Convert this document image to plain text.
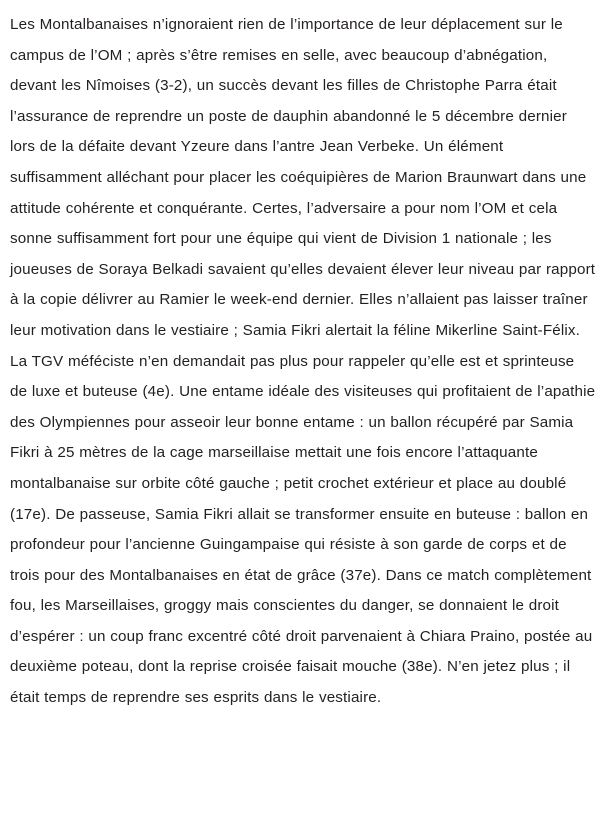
Les Montalbanaises n’ignoraient rien de l’importance de leur déplacement sur le campus de l’OM ; après s’être remises en selle, avec beaucoup d’abnégation, devant les Nîmoises (3-2), un succès devant les filles de Christophe Parra était l’assurance de reprendre un poste de dauphin abandonné le 5 décembre dernier lors de la défaite devant Yzeure dans l’antre Jean Verbeke. Un élément suffisamment alléchant pour placer les coéquipières de Marion Braunwart dans une attitude cohérente et conquérante. Certes, l’adversaire a pour nom l’OM et cela sonne suffisamment fort pour une équipe qui vient de Division 1 nationale ; les joueuses de Soraya Belkadi savaient qu’elles devaient élever leur niveau par rapport à la copie délivrer au Ramier le week-end dernier. Elles n’allaient pas laisser traîner leur motivation dans le vestiaire ; Samia Fikri alertait la féline Mikerline Saint-Félix. La TGV méféciste n’en demandait pas plus pour rappeler qu’elle est et sprinteuse de luxe et buteuse (4e). Une entame idéale des visiteuses qui profitaient de l’apathie des Olympiennes pour asseoir leur bonne entame : un ballon récupéré par Samia Fikri à 25 mètres de la cage marseillaise mettait une fois encore l’attaquante montalbanaise sur orbite côté gauche ; petit crochet extérieur et place au doublé (17e). De passeuse, Samia Fikri allait se transformer ensuite en buteuse : ballon en profondeur pour l’ancienne Guingampaise qui résiste à son garde de corps et de trois pour des Montalbanaises en état de grâce (37e). Dans ce match complètement fou, les Marseillaises, groggy mais conscientes du danger, se donnaient le droit d’espérer : un coup franc excentré côté droit parvenaient à Chiara Praino, postée au deuxième poteau, dont la reprise croisée faisait mouche (38e). N’en jetez plus ; il était temps de reprendre ses esprits dans le vestiaire.
